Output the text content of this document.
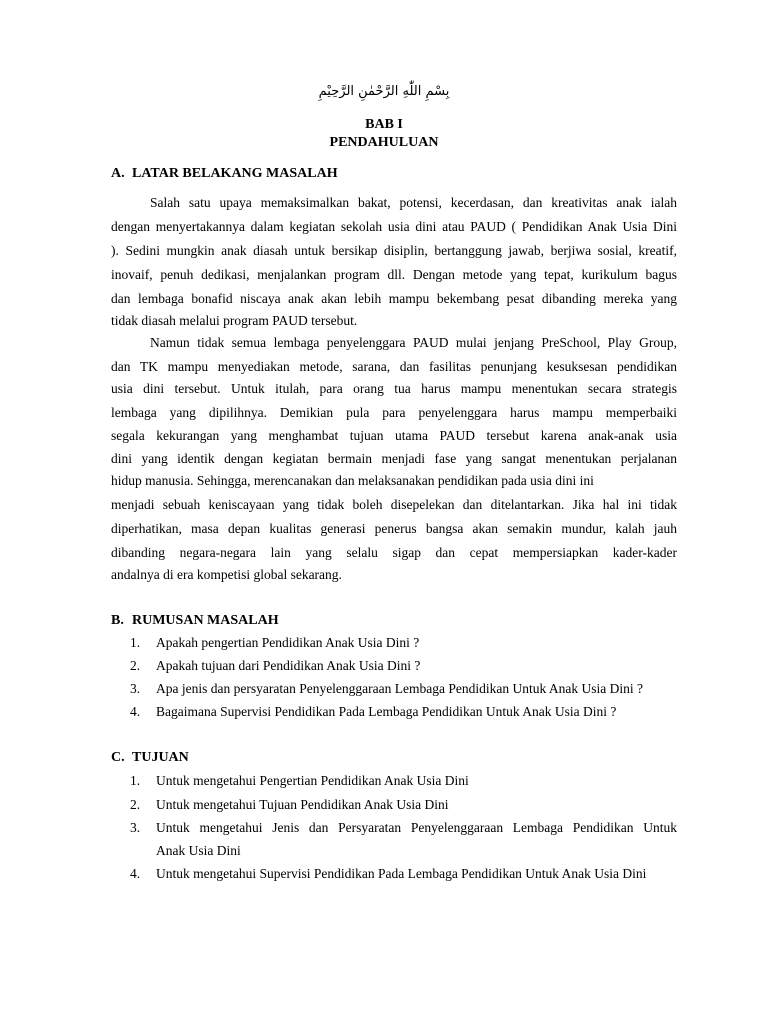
بِسْمِ اللّٰهِ الرَّحْمٰنِ الرَّحِيْمِ
BAB I
PENDAHULUAN
A. LATAR BELAKANG MASALAH
Salah satu upaya memaksimalkan bakat, potensi, kecerdasan, dan kreativitas anak ialah
dengan menyertakannya dalam kegiatan sekolah usia dini atau PAUD ( Pendidikan Anak Usia Dini
). Sedini mungkin anak diasah untuk bersikap disiplin, bertanggung jawab, berjiwa sosial, kreatif,
inovaif, penuh dedikasi, menjalankan program dll. Dengan metode yang tepat, kurikulum bagus
dan lembaga bonafid niscaya anak akan lebih mampu bekembang pesat dibanding mereka yang
tidak diasah melalui program PAUD tersebut.
Namun tidak semua lembaga penyelenggara PAUD mulai jenjang PreSchool, Play Group,
dan TK mampu menyediakan metode, sarana, dan fasilitas penunjang kesuksesan pendidikan
usia dini tersebut. Untuk itulah, para orang tua harus mampu menentukan secara strategis
lembaga yang dipilihnya. Demikian pula para penyelenggara harus mampu memperbaiki
segala kekurangan yang menghambat tujuan utama PAUD tersebut karena anak-anak usia
dini yang identik dengan kegiatan bermain menjadi fase yang sangat menentukan perjalanan
hidup manusia. Sehingga, merencanakan dan melaksanakan pendidikan pada usia dini ini
menjadi sebuah keniscayaan yang tidak boleh disepelekan dan ditelantarkan. Jika hal ini tidak
diperhatikan, masa depan kualitas generasi penerus bangsa akan semakin mundur, kalah jauh
dibanding negara-negara lain yang selalu sigap dan cepat mempersiapkan kader-kader
andalnya di era kompetisi global sekarang.
B. RUMUSAN MASALAH
1. Apakah pengertian Pendidikan Anak Usia Dini ?
2. Apakah tujuan dari Pendidikan Anak Usia Dini ?
3. Apa jenis dan persyaratan Penyelenggaraan Lembaga Pendidikan Untuk Anak Usia Dini ?
4. Bagaimana Supervisi Pendidikan Pada Lembaga Pendidikan Untuk Anak Usia Dini ?
C. TUJUAN
1. Untuk mengetahui Pengertian Pendidikan Anak Usia Dini
2. Untuk mengetahui Tujuan Pendidikan Anak Usia Dini
3. Untuk mengetahui Jenis dan Persyaratan Penyelenggaraan Lembaga Pendidikan Untuk
Anak Usia Dini
4. Untuk mengetahui Supervisi Pendidikan Pada Lembaga Pendidikan Untuk Anak Usia Dini
